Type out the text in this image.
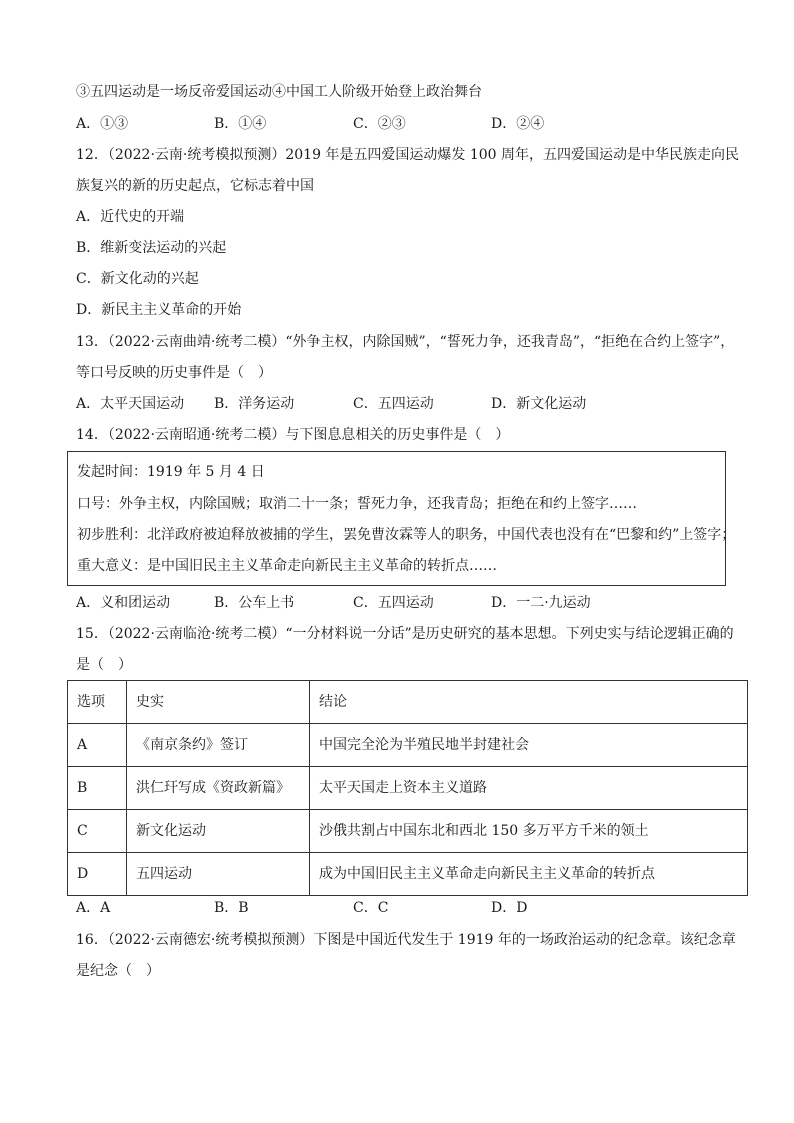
③五四运动是一场反帝爱国运动④中国工人阶级开始登上政治舞台
A．①③	B．①④	C．②③	D．②④
12．（2022·云南·统考模拟预测）2019 年是五四爱国运动爆发 100 周年，五四爱国运动是中华民族走向民
族复兴的新的历史起点，它标志着中国
A．近代史的开端
B．维新变法运动的兴起
C．新文化动的兴起
D．新民主主义革命的开始
13．（2022·云南曲靖·统考二模）“外争主权，内除国贼”，“誓死力争，还我青岛”，“拒绝在合约上签字”，
等口号反映的历史事件是（　）
A．太平天国运动 B．洋务运动	C．五四运动	D．新文化运动
14．（2022·云南昭通·统考二模）与下图息息相关的历史事件是（　）
发起时间：1919 年 5 月 4 日
口号：外争主权，内除国贼；取消二十一条；誓死力争，还我青岛；拒绝在和约上签字……
初步胜利：北洋政府被迫释放被捕的学生，罢免曹汝霖等人的职务，中国代表也没有在“巴黎和约”上签字；
重大意义：是中国旧民主主义革命走向新民主主义革命的转折点……
A．义和团运动	B．公车上书	C．五四运动	D．一二·九运动
15．（2022·云南临沧·统考二模）“一分材料说一分话”是历史研究的基本思想。下列史实与结论逻辑正确的
是（　）
选项	史实	结论
A	《南京条约》签订	中国完全沦为半殖民地半封建社会
B	洪仁玕写成《资政新篇》	太平天国走上资本主义道路
C	新文化运动	沙俄共割占中国东北和西北 150 多万平方千米的领土
D	五四运动	成为中国旧民主主义革命走向新民主主义革命的转折点
A．A	B．B	C．C	D．D
16．（2022·云南德宏·统考模拟预测）下图是中国近代发生于 1919 年的一场政治运动的纪念章。该纪念章
是纪念（　）
